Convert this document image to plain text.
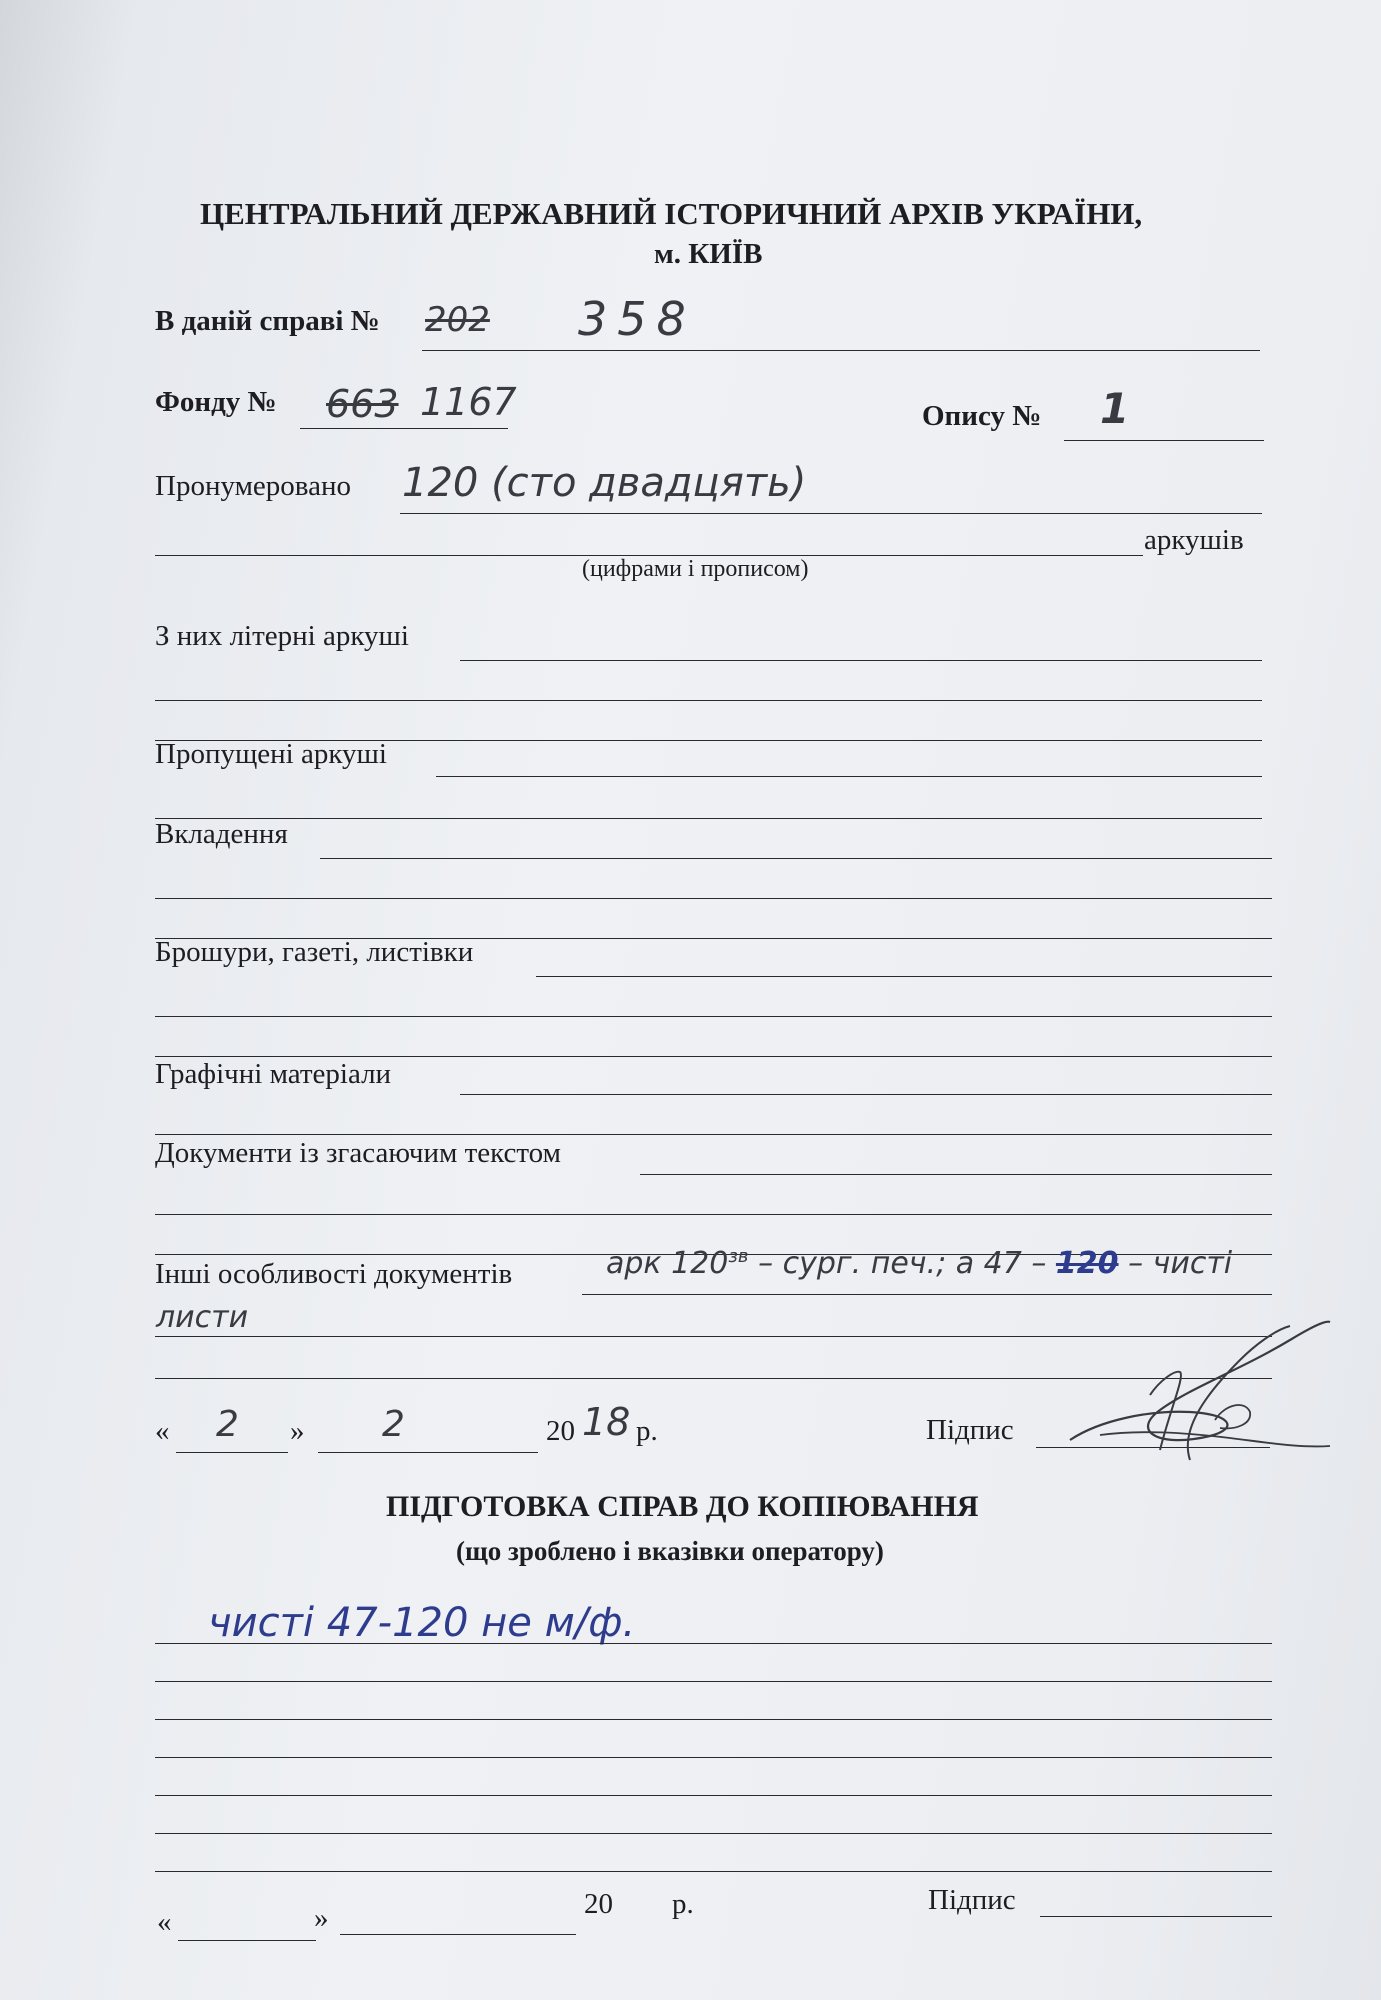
ЦЕНТРАЛЬНИЙ ДЕРЖАВНИЙ ІСТОРИЧНИЙ АРХІВ УКРАЇНИ,
м. КИЇВ
В даній справі № 202 358
Фонду № 663 1167	Опису № 1
Пронумеровано 120 (сто двадцять)
аркушів
(цифрами і прописом)
З них літерні аркуші
Пропущені аркуші
Вкладення
Брошури, газеті, листівки
Графічні матеріали
Документи із згасаючим текстом
Інші особливості документів	арк $120^{зв}$ – сург. печ.; а 47 – 120 – чисті
листи
« 2 » 2	20 18 р.	Підпис
ПІДГОТОВКА СПРАВ ДО КОПІЮВАННЯ
(що зроблено і вказівки оператору)
чисті 47-120 не м/ф.
«	»	20 р.	Підпис
